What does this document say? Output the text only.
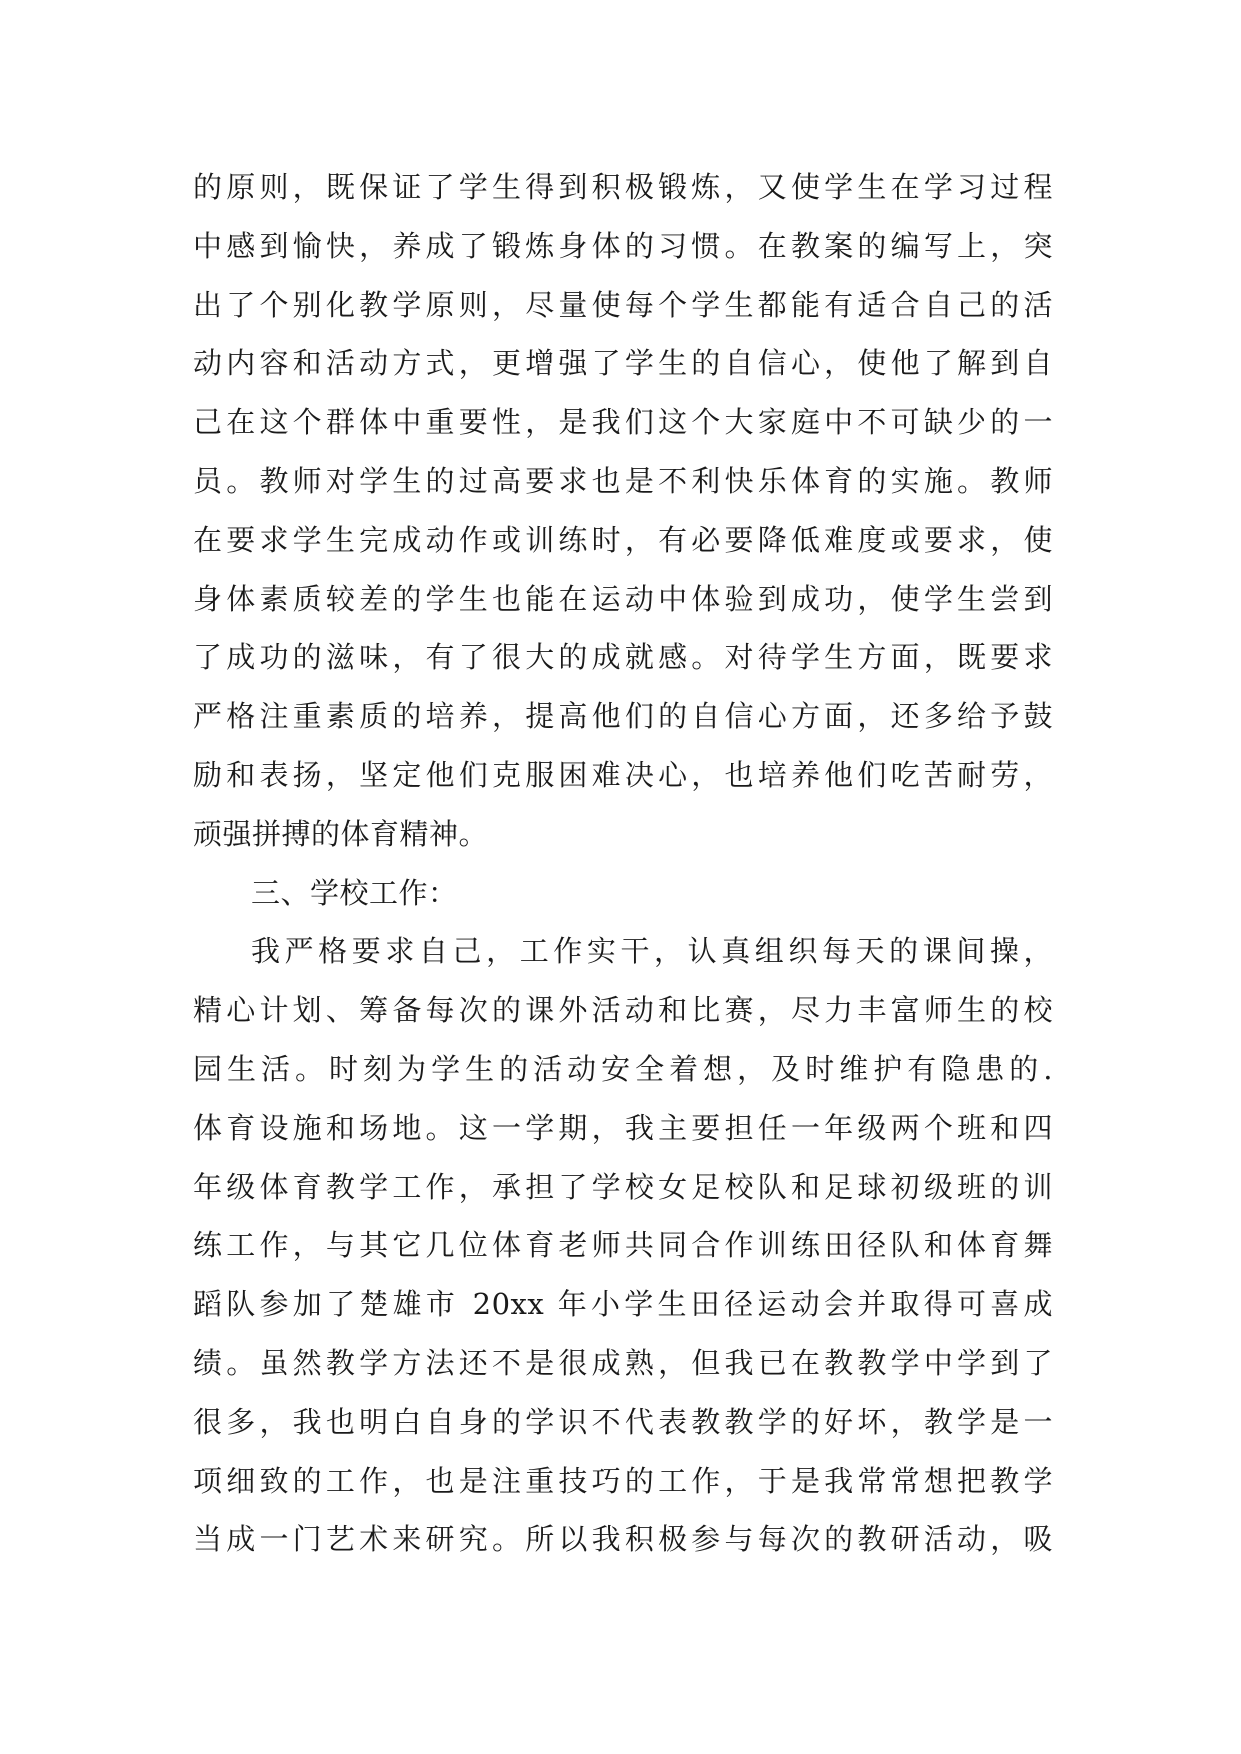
的原则，既保证了学生得到积极锻炼，又使学生在学习过程
中感到愉快，养成了锻炼身体的习惯。在教案的编写上，突
出了个别化教学原则，尽量使每个学生都能有适合自己的活
动内容和活动方式，更增强了学生的自信心，使他了解到自
己在这个群体中重要性，是我们这个大家庭中不可缺少的一
员。教师对学生的过高要求也是不利快乐体育的实施。教师
在要求学生完成动作或训练时，有必要降低难度或要求，使
身体素质较差的学生也能在运动中体验到成功，使学生尝到
了成功的滋味，有了很大的成就感。对待学生方面，既要求
严格注重素质的培养，提高他们的自信心方面，还多给予鼓
励和表扬，坚定他们克服困难决心，也培养他们吃苦耐劳，
顽强拼搏的体育精神。
三、学校工作：
我严格要求自己，工作实干，认真组织每天的课间操，
精心计划、筹备每次的课外活动和比赛，尽力丰富师生的校
园生活。时刻为学生的活动安全着想，及时维护有隐患的.
体育设施和场地。这一学期，我主要担任一年级两个班和四
年级体育教学工作，承担了学校女足校队和足球初级班的训
练工作，与其它几位体育老师共同合作训练田径队和体育舞
蹈队参加了楚雄市 20xx 年小学生田径运动会并取得可喜成
绩。虽然教学方法还不是很成熟，但我已在教教学中学到了
很多，我也明白自身的学识不代表教教学的好坏，教学是一
项细致的工作，也是注重技巧的工作，于是我常常想把教学
当成一门艺术来研究。所以我积极参与每次的教研活动，吸
